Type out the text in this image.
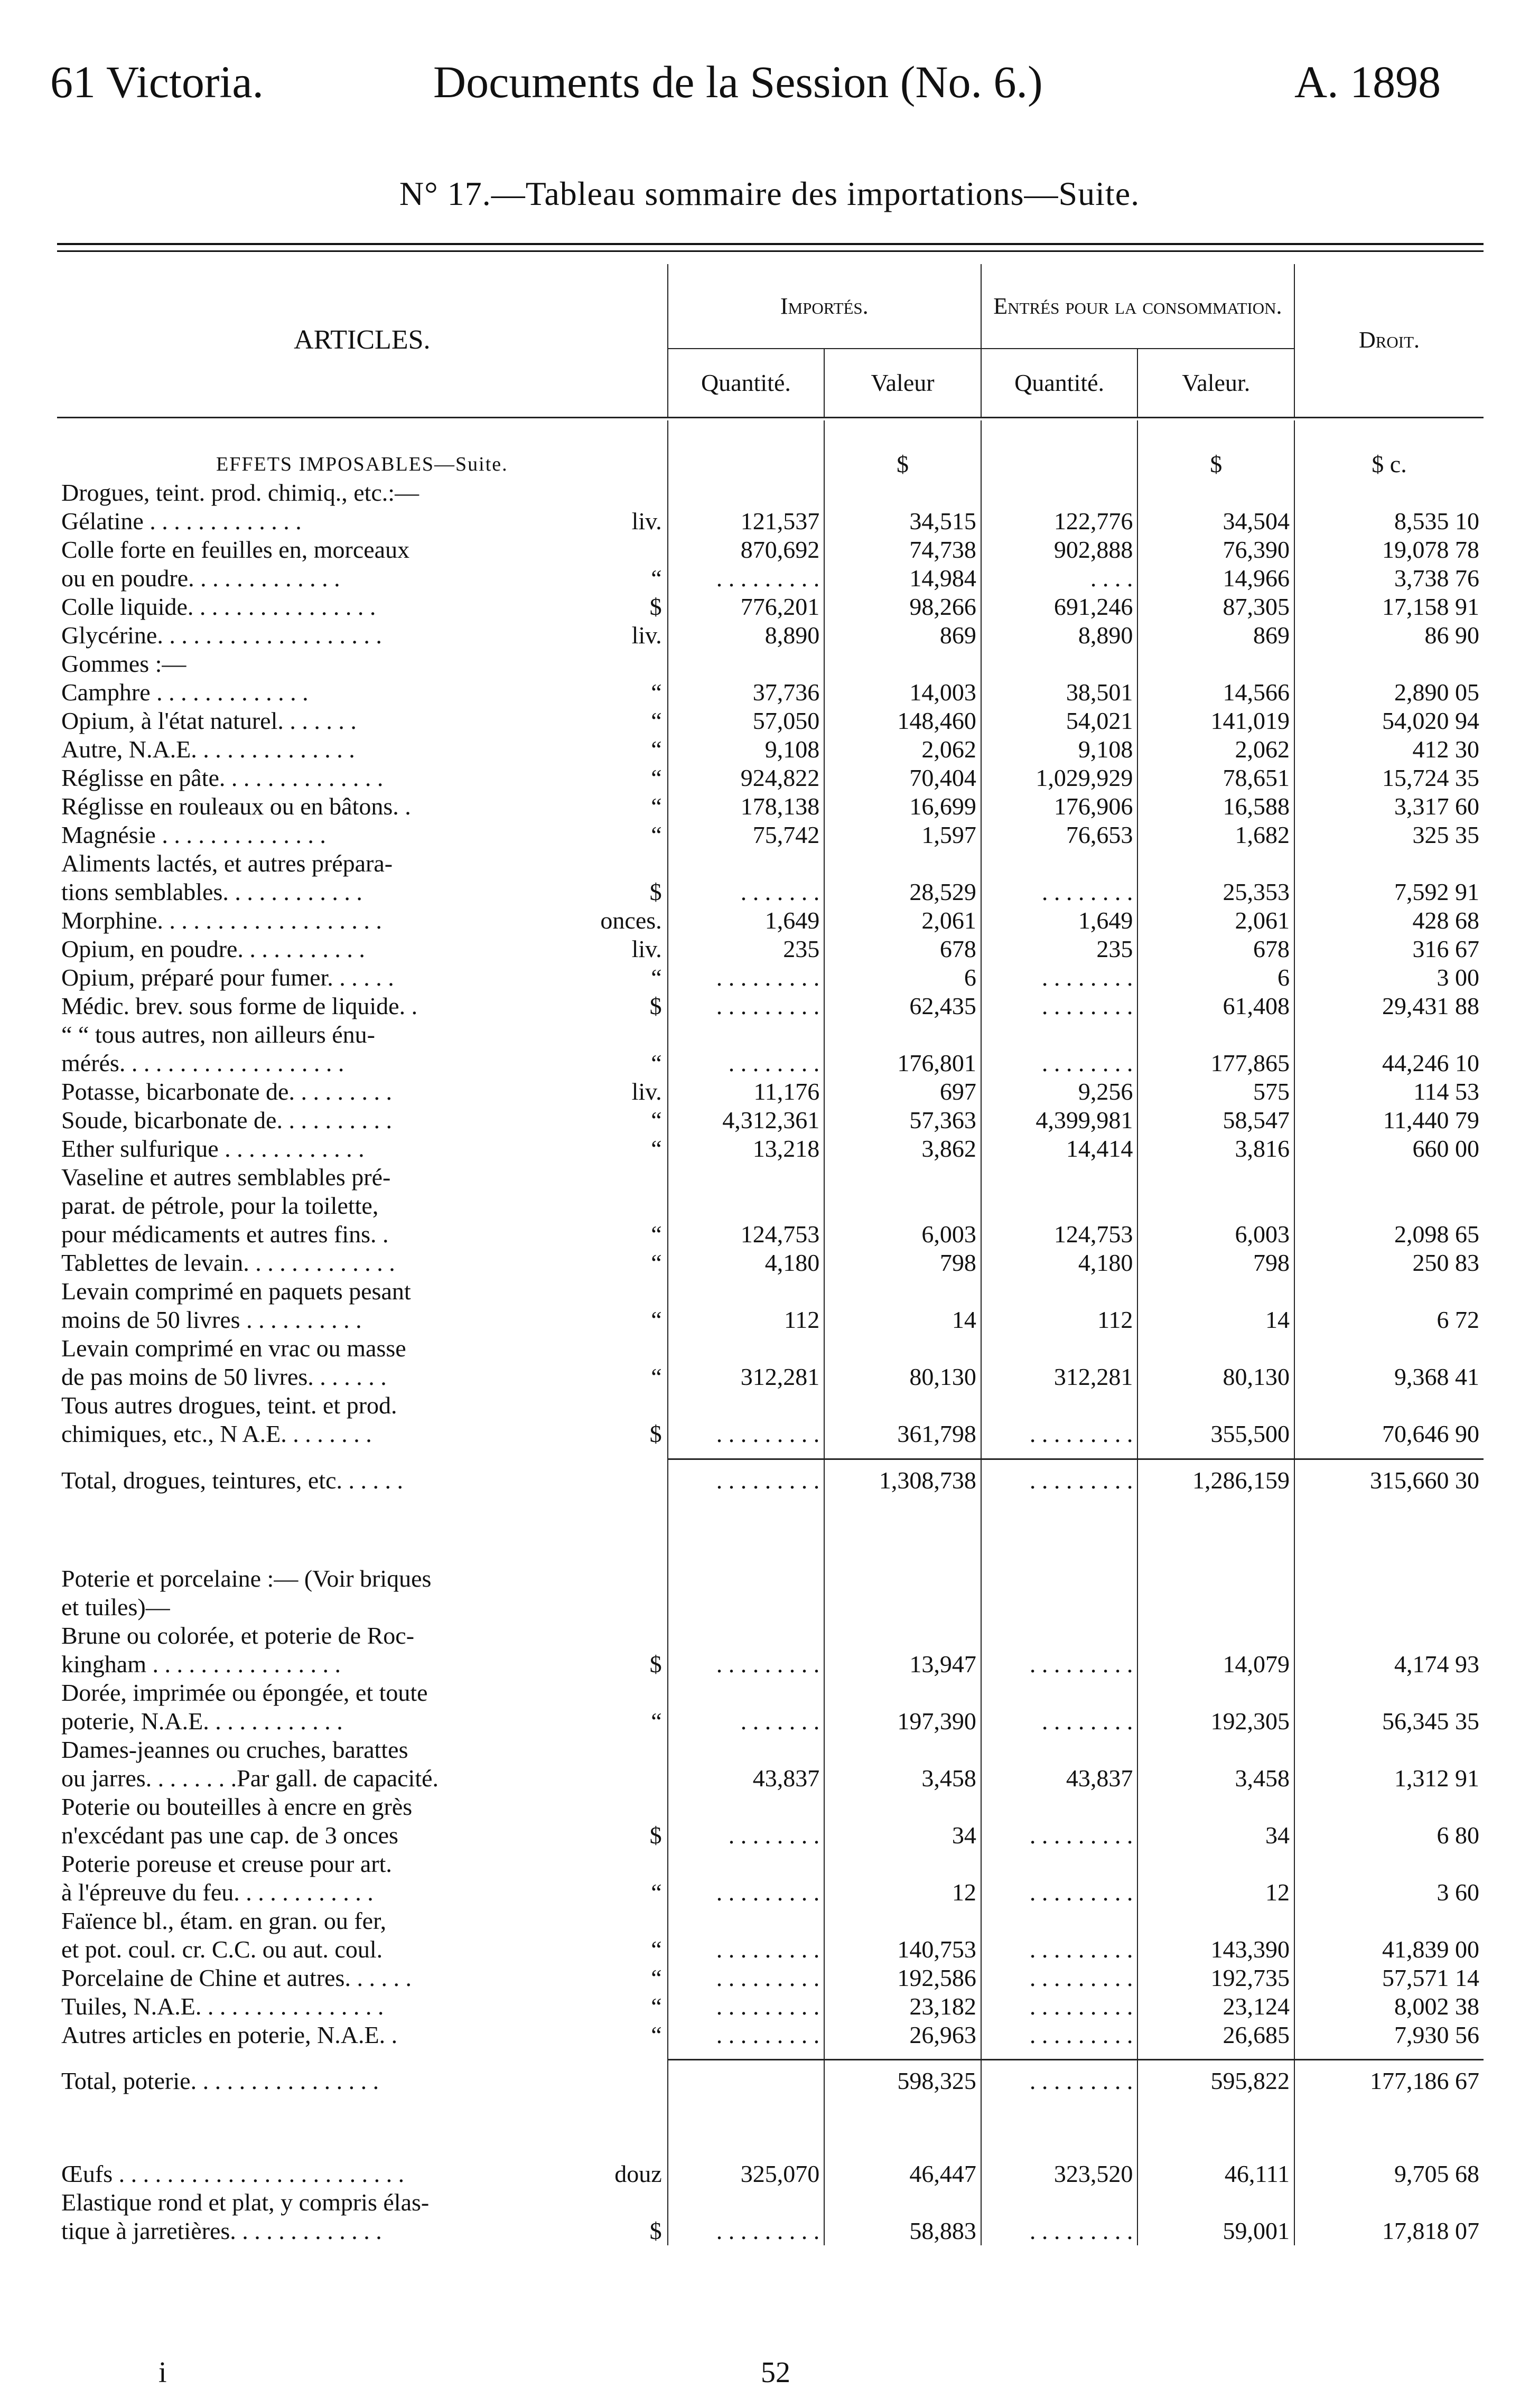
61 Victoria.	Documents de la Session (No. 6.)	A. 1898
N° 17.—Tableau sommaire des importations—Suite.
ARTICLES.	Importés.		Entrés pour la consommation.		Droit.
	Quantité.	Valeur	Quantité.	Valeur.	

EFFETS IMPOSABLES—Suite.		$		$	$ c.
Drogues, teint. prod. chimiq., etc.:—

Gélatine . . . . . . . . . . . . . liv.	121,537	34,515	122,776	34,504	8,535 10
Colle forte en feuilles en, morceaux	870,692	74,738	902,888	76,390	19,078 78
ou en poudre. . . . . . . . . . . . . “	. . . . . . . . .	14,984	. . . .	14,966	3,738 76
Colle liquide. . . . . . . . . . . . . . . . $	776,201	98,266	691,246	87,305	17,158 91
Glycérine. . . . . . . . . . . . . . . . . . . liv.	8,890	869	8,890	869	86 90
Gommes :—

Camphre . . . . . . . . . . . . . “	37,736	14,003	38,501	14,566	2,890 05
Opium, à l'état naturel. . . . . . . “	57,050	148,460	54,021	141,019	54,020 94
Autre, N.A.E. . . . . . . . . . . . . . “	9,108	2,062	9,108	2,062	412 30
Réglisse en pâte. . . . . . . . . . . . . . “	924,822	70,404	1,029,929	78,651	15,724 35
Réglisse en rouleaux ou en bâtons. . “	178,138	16,699	176,906	16,588	3,317 60
Magnésie . . . . . . . . . . . . . . “	75,742	1,597	76,653	1,682	325 35
Aliments lactés, et autres prépara-

tions semblables. . . . . . . . . . . . $	. . . . . . .	28,529	. . . . . . . .	25,353	7,592 91
Morphine. . . . . . . . . . . . . . . . . . . onces.	1,649	2,061	1,649	2,061	428 68
Opium, en poudre. . . . . . . . . . . liv.	235	678	235	678	316 67
Opium, préparé pour fumer. . . . . . “	. . . . . . . . .	6	. . . . . . . .	6	3 00
Médic. brev. sous forme de liquide. . $	. . . . . . . . .	62,435	. . . . . . . .	61,408	29,431 88
“ “ tous autres, non ailleurs énu-

mérés. . . . . . . . . . . . . . . . . . . “	. . . . . . . .	176,801	. . . . . . . .	177,865	44,246 10
Potasse, bicarbonate de. . . . . . . . . liv.	11,176	697	9,256	575	114 53
Soude, bicarbonate de. . . . . . . . . . “	4,312,361	57,363	4,399,981	58,547	11,440 79
Ether sulfurique . . . . . . . . . . . . “	13,218	3,862	14,414	3,816	660 00
Vaseline et autres semblables pré-

parat. de pétrole, pour la toilette,

pour médicaments et autres fins. . “	124,753	6,003	124,753	6,003	2,098 65
Tablettes de levain. . . . . . . . . . . . . “	4,180	798	4,180	798	250 83
Levain comprimé en paquets pesant

moins de 50 livres . . . . . . . . . . “	112	14	112	14	6 72
Levain comprimé en vrac ou masse

de pas moins de 50 livres. . . . . . . “	312,281	80,130	312,281	80,130	9,368 41
Tous autres drogues, teint. et prod.

chimiques, etc., N A.E. . . . . . . . $	. . . . . . . . .	361,798	. . . . . . . . .	355,500	70,646 90

Total, drogues, teintures, etc. . . . . .	. . . . . . . . .	1,308,738	. . . . . . . . .	1,286,159	315,660 30

Poterie et porcelaine :— (Voir briques

et tuiles)—

Brune ou colorée, et poterie de Roc-

kingham . . . . . . . . . . . . . . . . $	. . . . . . . . .	13,947	. . . . . . . . .	14,079	4,174 93
Dorée, imprimée ou épongée, et toute

poterie, N.A.E. . . . . . . . . . . . “	. . . . . . .	197,390	. . . . . . . .	192,305	56,345 35
Dames-jeannes ou cruches, barattes

ou jarres. . . . . . . .Par gall. de capacité.	43,837	3,458	43,837	3,458	1,312 91
Poterie ou bouteilles à encre en grès

n'excédant pas une cap. de 3 onces $	. . . . . . . .	34	. . . . . . . . .	34	6 80
Poterie poreuse et creuse pour art.

à l'épreuve du feu. . . . . . . . . . . . “	. . . . . . . . .	12	. . . . . . . . .	12	3 60
Faïence bl., étam. en gran. ou fer,

et pot. coul. cr. C.C. ou aut. coul. “	. . . . . . . . .	140,753	. . . . . . . . .	143,390	41,839 00
Porcelaine de Chine et autres. . . . . . “	. . . . . . . . .	192,586	. . . . . . . . .	192,735	57,571 14
Tuiles, N.A.E. . . . . . . . . . . . . . . . “	. . . . . . . . .	23,182	. . . . . . . . .	23,124	8,002 38
Autres articles en poterie, N.A.E. . “	. . . . . . . . .	26,963	. . . . . . . . .	26,685	7,930 56

Total, poterie. . . . . . . . . . . . . . . .		598,325	. . . . . . . . .	595,822	177,186 67

Œufs . . . . . . . . . . . . . . . . . . . . . . . . douz	325,070	46,447	323,520	46,111	9,705 68
Elastique rond et plat, y compris élas-

tique à jarretières. . . . . . . . . . . . . $	. . . . . . . . .	58,883	. . . . . . . . .	59,001	17,818 07
i	52
